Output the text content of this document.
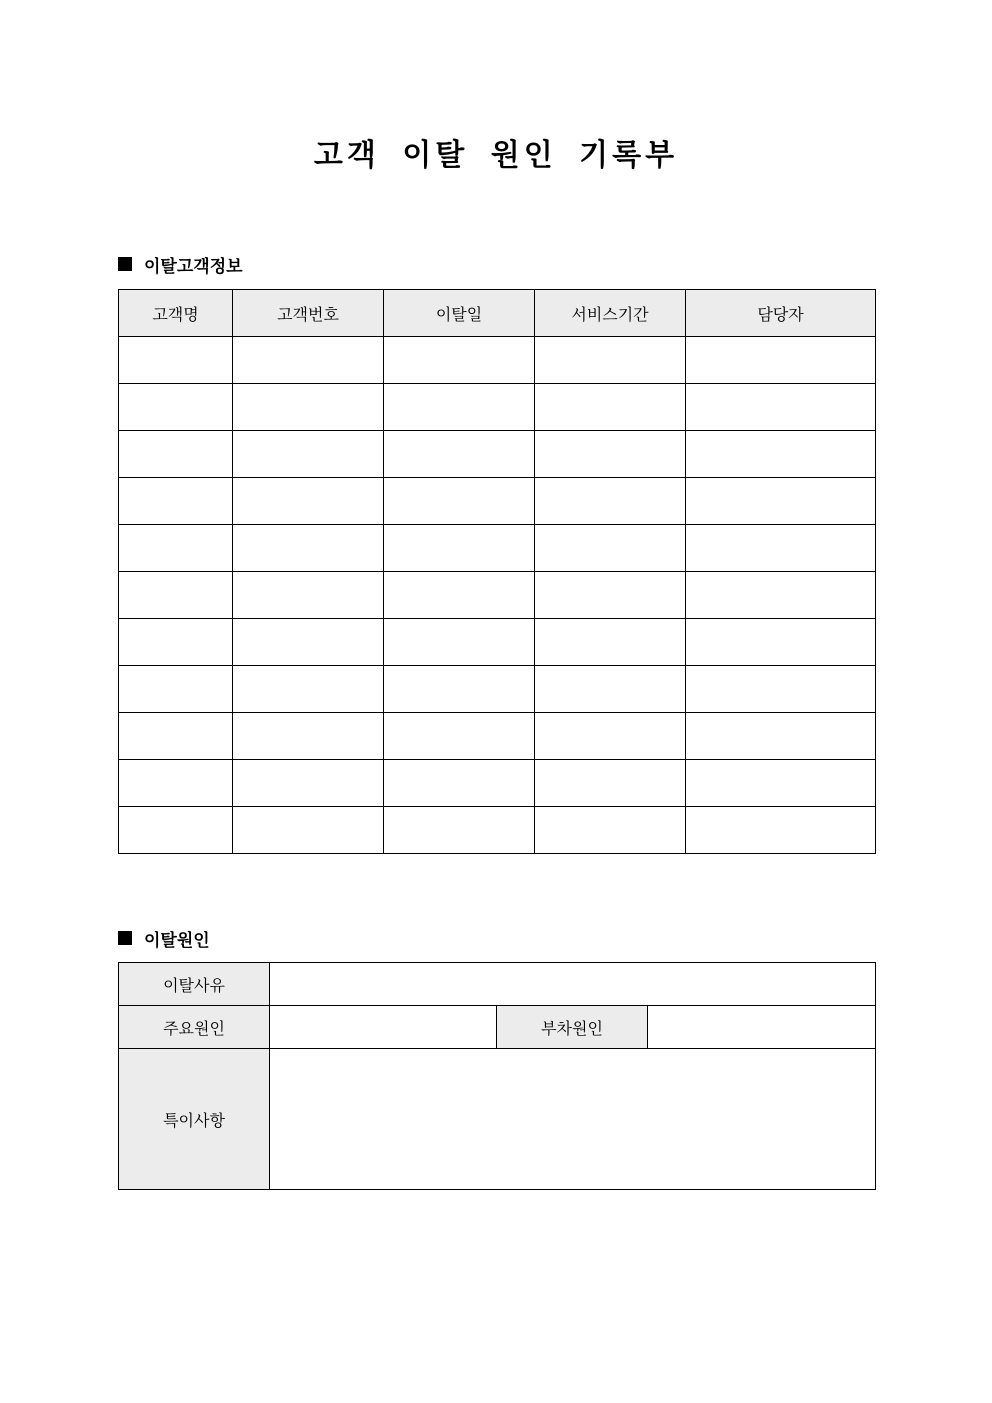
고객 이탈 원인 기록부
이탈고객정보
고객명	고객번호	이탈일	서비스기간	담당자

이탈원인
이탈사유			
주요원인		부차원인	
특이사항			
